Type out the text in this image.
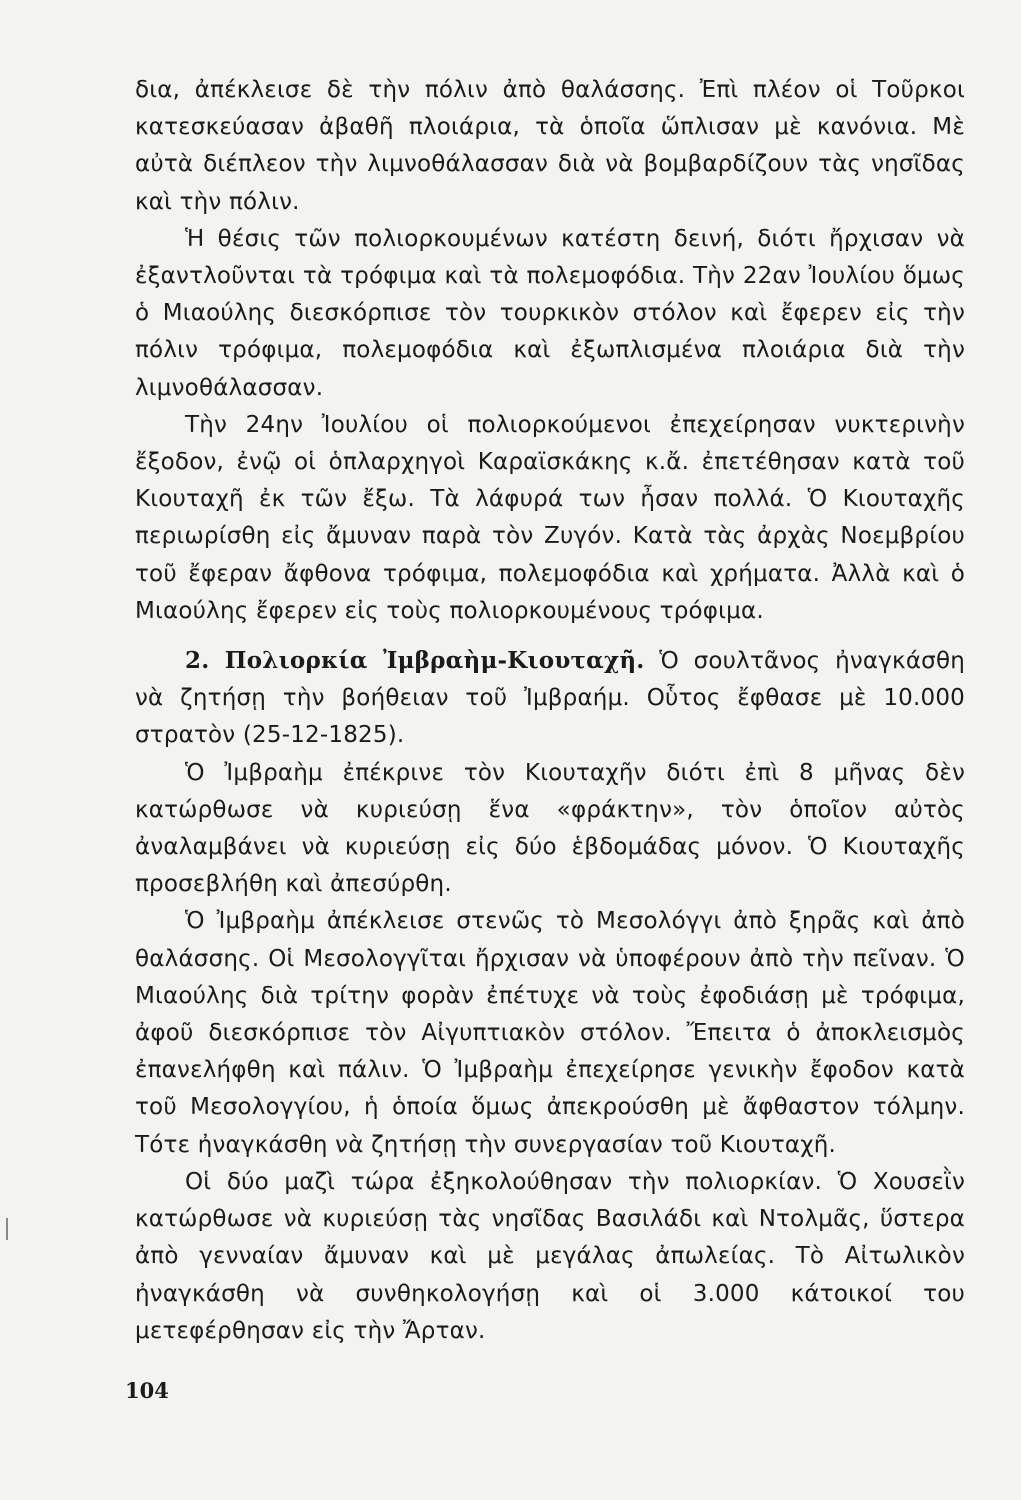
δια, ἀπέκλεισε δὲ τὴν πόλιν ἀπὸ θαλάσσης. Ἐπὶ πλέον οἱ Τοῦρκοι κατεσκεύασαν ἀβαθῆ πλοιάρια, τὰ ὁποῖα ὥπλισαν μὲ κανόνια. Μὲ αὐτὰ διέπλεον τὴν λιμνοθάλασσαν διὰ νὰ βομβαρδίζουν τὰς νησῖδας καὶ τὴν πόλιν.

Ἡ θέσις τῶν πολιορκουμένων κατέστη δεινή, διότι ἤρχισαν νὰ ἐξαντλοῦνται τὰ τρόφιμα καὶ τὰ πολεμοφόδια. Τὴν 22αν Ἰουλίου ὅμως ὁ Μιαούλης διεσκόρπισε τὸν τουρκικὸν στόλον καὶ ἔφερεν εἰς τὴν πόλιν τρόφιμα, πολεμοφόδια καὶ ἐξωπλισμένα πλοιάρια διὰ τὴν λιμνοθάλασσαν.

Τὴν 24ην Ἰουλίου οἱ πολιορκούμενοι ἐπεχείρησαν νυκτερινὴν ἔξοδον, ἐνῷ οἱ ὁπλαρχηγοὶ Καραϊσκάκης κ.ἄ. ἐπετέθησαν κατὰ τοῦ Κιουταχῆ ἐκ τῶν ἔξω. Τὰ λάφυρά των ἦσαν πολλά. Ὁ Κιουταχῆς περιωρίσθη εἰς ἄμυναν παρὰ τὸν Ζυγόν. Κατὰ τὰς ἀρχὰς Νοεμβρίου τοῦ ἔφεραν ἄφθονα τρόφιμα, πολεμοφόδια καὶ χρήματα. Ἀλλὰ καὶ ὁ Μιαούλης ἔφερεν εἰς τοὺς πολιορκουμένους τρόφιμα.

2. Πολιορκία Ἰμβραὴμ-Κιουταχῆ. Ὁ σουλτᾶνος ἠναγκάσθη νὰ ζητήσῃ τὴν βοήθειαν τοῦ Ἰμβραήμ. Οὗτος ἔφθασε μὲ 10.000 στρατὸν (25-12-1825).

Ὁ Ἰμβραὴμ ἐπέκρινε τὸν Κιουταχῆν διότι ἐπὶ 8 μῆνας δὲν κατώρθωσε νὰ κυριεύσῃ ἕνα «φράκτην», τὸν ὁποῖον αὐτὸς ἀναλαμβάνει νὰ κυριεύσῃ εἰς δύο ἑβδομάδας μόνον. Ὁ Κιουταχῆς προσεβλήθη καὶ ἀπεσύρθη.

Ὁ Ἰμβραὴμ ἀπέκλεισε στενῶς τὸ Μεσολόγγι ἀπὸ ξηρᾶς καὶ ἀπὸ θαλάσσης. Οἱ Μεσολογγῖται ἤρχισαν νὰ ὑποφέρουν ἀπὸ τὴν πεῖναν. Ὁ Μιαούλης διὰ τρίτην φορὰν ἐπέτυχε νὰ τοὺς ἐφοδιάσῃ μὲ τρόφιμα, ἀφοῦ διεσκόρπισε τὸν Αἰγυπτιακὸν στόλον. Ἔπειτα ὁ ἀποκλεισμὸς ἐπανελήφθη καὶ πάλιν. Ὁ Ἰμβραὴμ ἐπεχείρησε γενικὴν ἔφοδον κατὰ τοῦ Μεσολογγίου, ἡ ὁποία ὅμως ἀπεκρούσθη μὲ ἄφθαστον τόλμην. Τότε ἠναγκάσθη νὰ ζητήσῃ τὴν συνεργασίαν τοῦ Κιουταχῆ.

Οἱ δύο μαζὶ τώρα ἐξηκολούθησαν τὴν πολιορκίαν. Ὁ Χουσεῒν κατώρθωσε νὰ κυριεύσῃ τὰς νησῖδας Βασιλάδι καὶ Ντολμᾶς, ὕστερα ἀπὸ γενναίαν ἄμυναν καὶ μὲ μεγάλας ἀπωλείας. Τὸ Αἰτωλικὸν ἠναγκάσθη νὰ συνθηκολογήσῃ καὶ οἱ 3.000 κάτοικοί του μετεφέρθησαν εἰς τὴν Ἄρταν.

104
